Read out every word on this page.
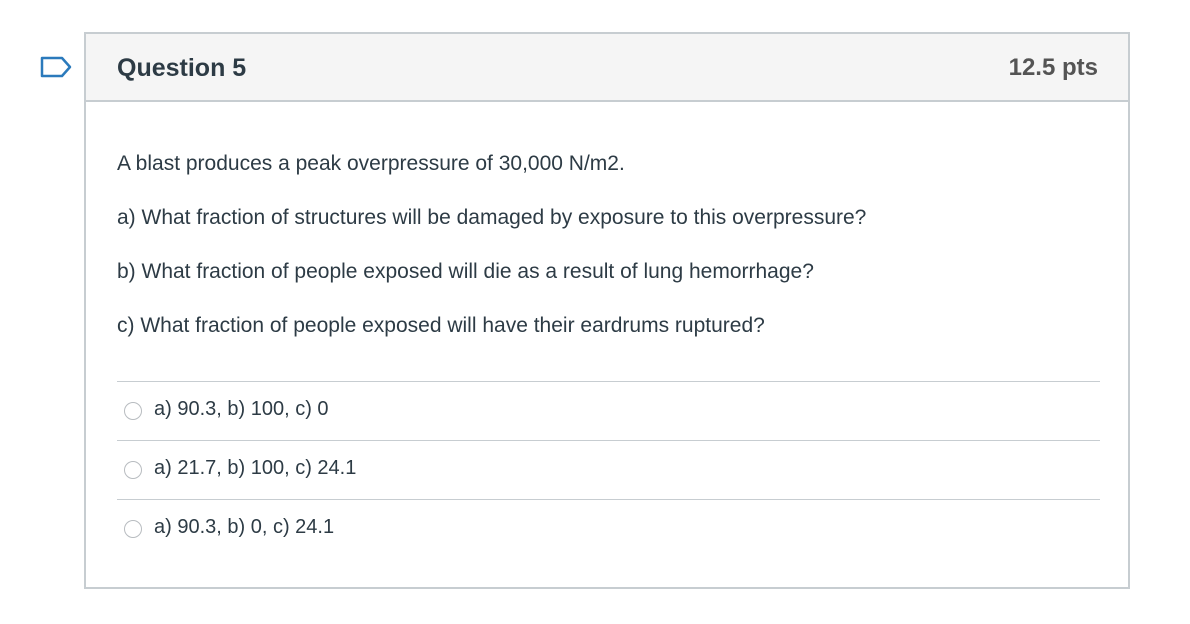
Question 5	12.5 pts

A blast produces a peak overpressure of 30,000 N/m2.

a) What fraction of structures will be damaged by exposure to this overpressure?

b) What fraction of people exposed will die as a result of lung hemorrhage?

c) What fraction of people exposed will have their eardrums ruptured?

a) 90.3, b) 100, c) 0
a) 21.7, b) 100, c) 24.1
a) 90.3, b) 0, c) 24.1
